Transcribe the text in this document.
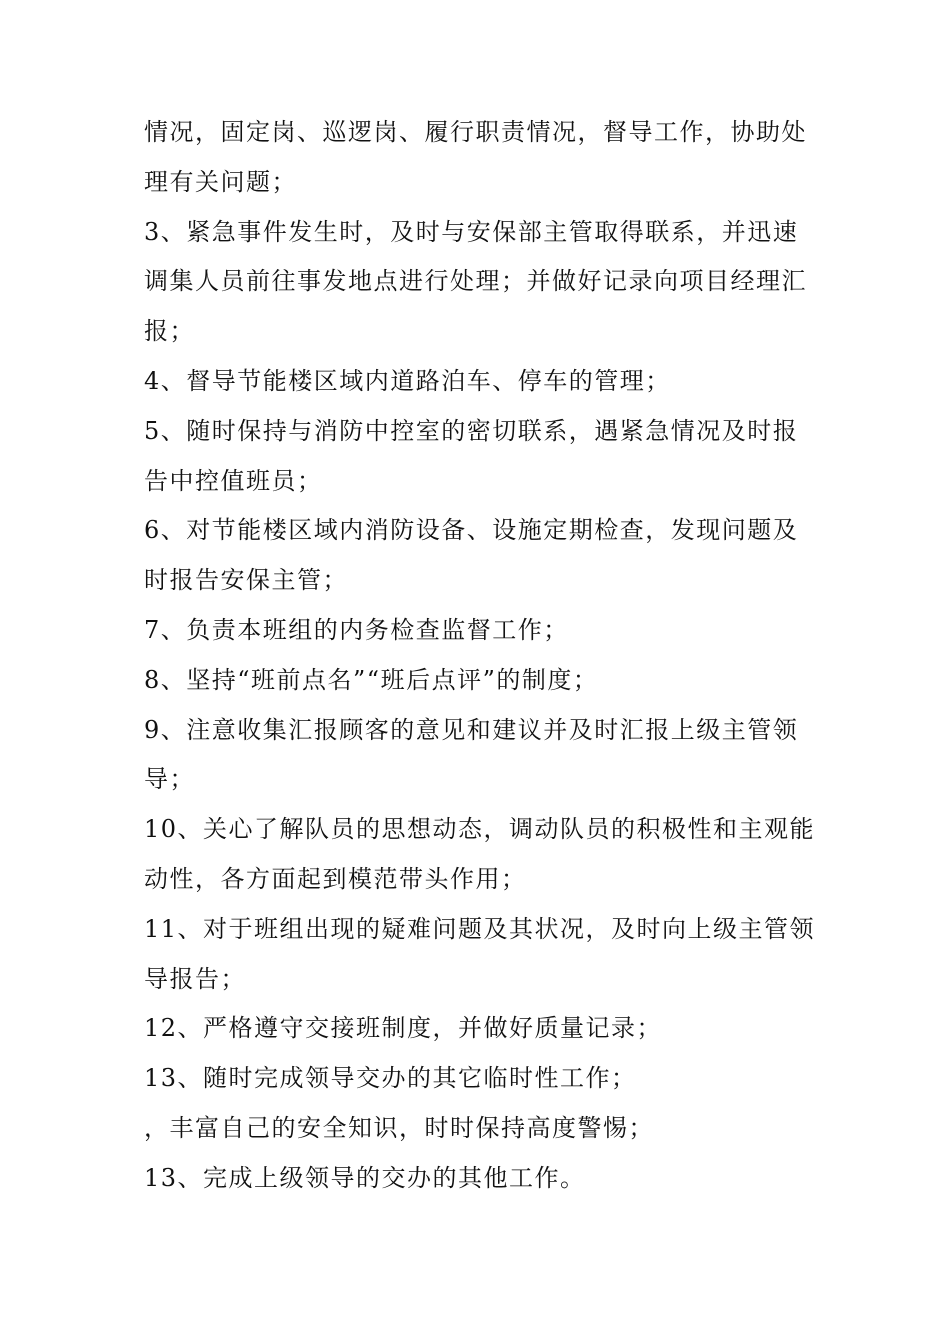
情况，固定岗、巡逻岗、履行职责情况，督导工作，协助处
理有关问题；
3、紧急事件发生时，及时与安保部主管取得联系，并迅速
调集人员前往事发地点进行处理；并做好记录向项目经理汇
报；
4、督导节能楼区域内道路泊车、停车的管理；
5、随时保持与消防中控室的密切联系，遇紧急情况及时报
告中控值班员；
6、对节能楼区域内消防设备、设施定期检查，发现问题及
时报告安保主管；
7、负责本班组的内务检查监督工作；
8、坚持“班前点名”“班后点评”的制度；
9、注意收集汇报顾客的意见和建议并及时汇报上级主管领
导；
10、关心了解队员的思想动态，调动队员的积极性和主观能
动性，各方面起到模范带头作用；
11、对于班组出现的疑难问题及其状况，及时向上级主管领
导报告；
12、严格遵守交接班制度，并做好质量记录；
13、随时完成领导交办的其它临时性工作；
，丰富自己的安全知识，时时保持高度警惕；
13、完成上级领导的交办的其他工作。
